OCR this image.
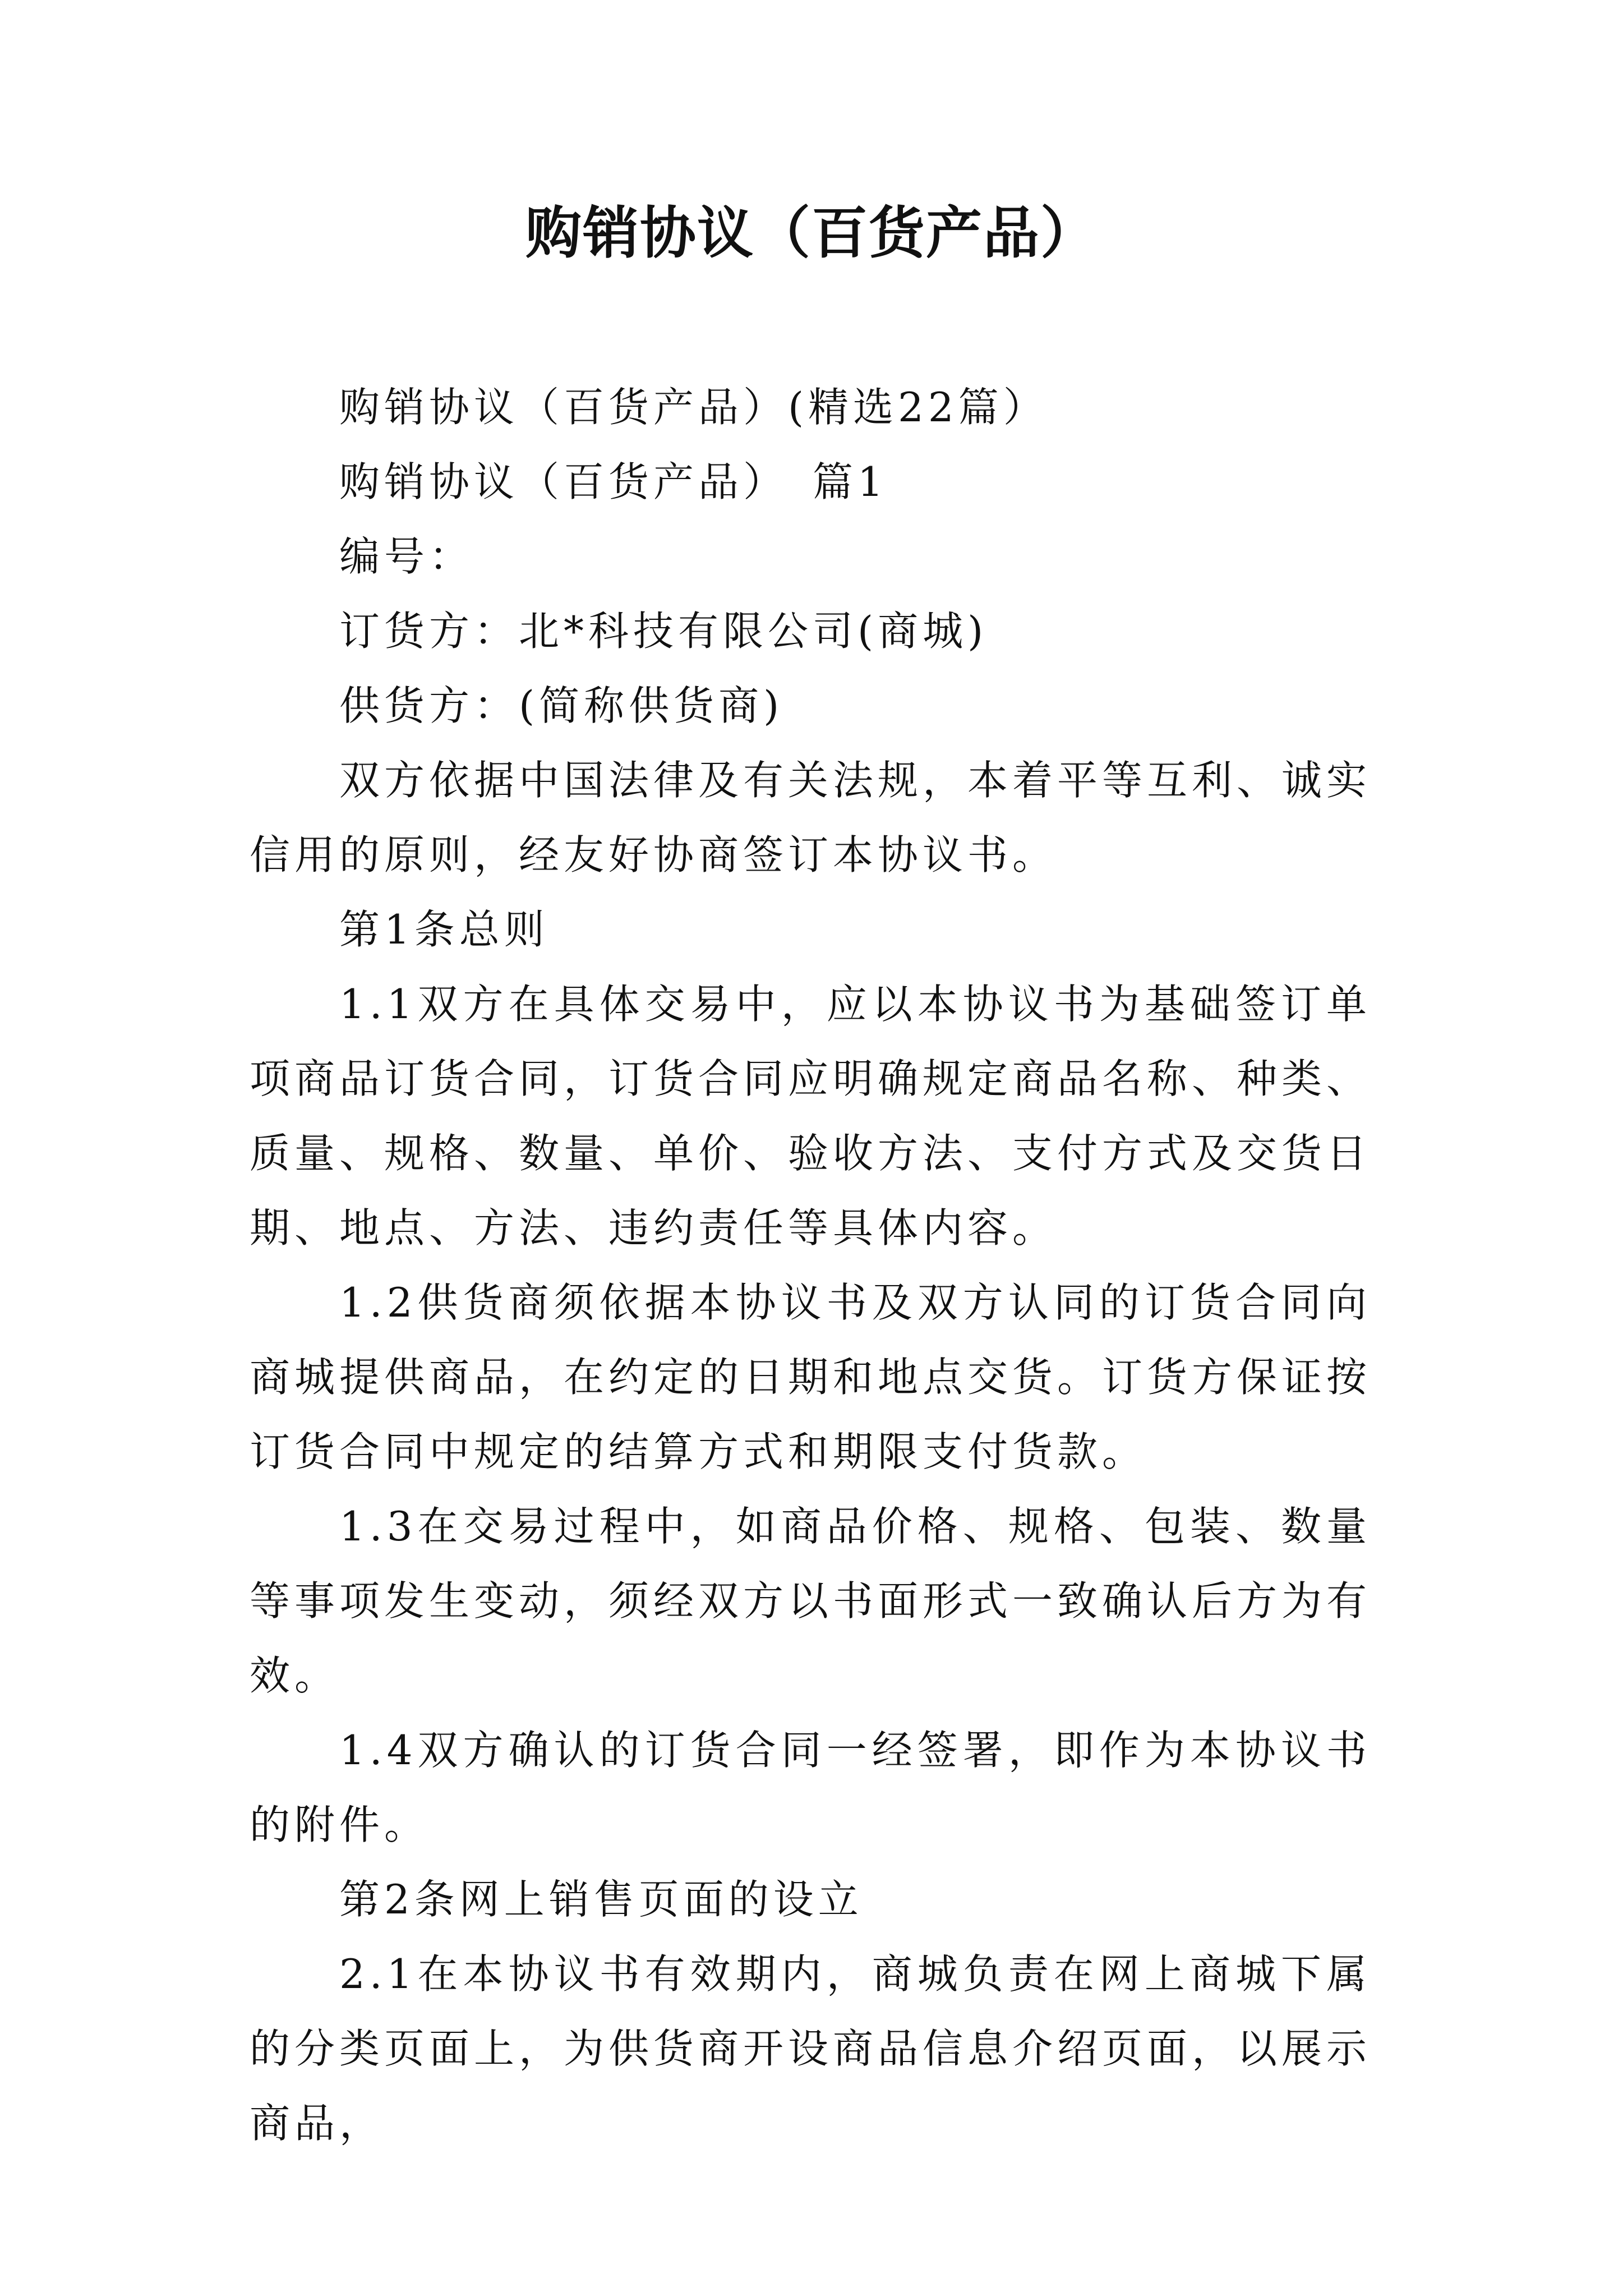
购销协议（百货产品）

购销协议（百货产品）(精选22篇）

购销协议（百货产品）　篇1

编号：

订货方：北*科技有限公司(商城)

供货方：(简称供货商)

双方依据中国法律及有关法规，本着平等互利、诚实信用的原则，经友好协商签订本协议书。

第1条总则

1.1双方在具体交易中，应以本协议书为基础签订单项商品订货合同，订货合同应明确规定商品名称、种类、质量、规格、数量、单价、验收方法、支付方式及交货日期、地点、方法、违约责任等具体内容。

1.2供货商须依据本协议书及双方认同的订货合同向商城提供商品，在约定的日期和地点交货。订货方保证按订货合同中规定的结算方式和期限支付货款。

1.3在交易过程中，如商品价格、规格、包装、数量等事项发生变动，须经双方以书面形式一致确认后方为有效。

1.4双方确认的订货合同一经签署，即作为本协议书的附件。

第2条网上销售页面的设立

2.1在本协议书有效期内，商城负责在网上商城下属的分类页面上，为供货商开设商品信息介绍页面，以展示商品，
